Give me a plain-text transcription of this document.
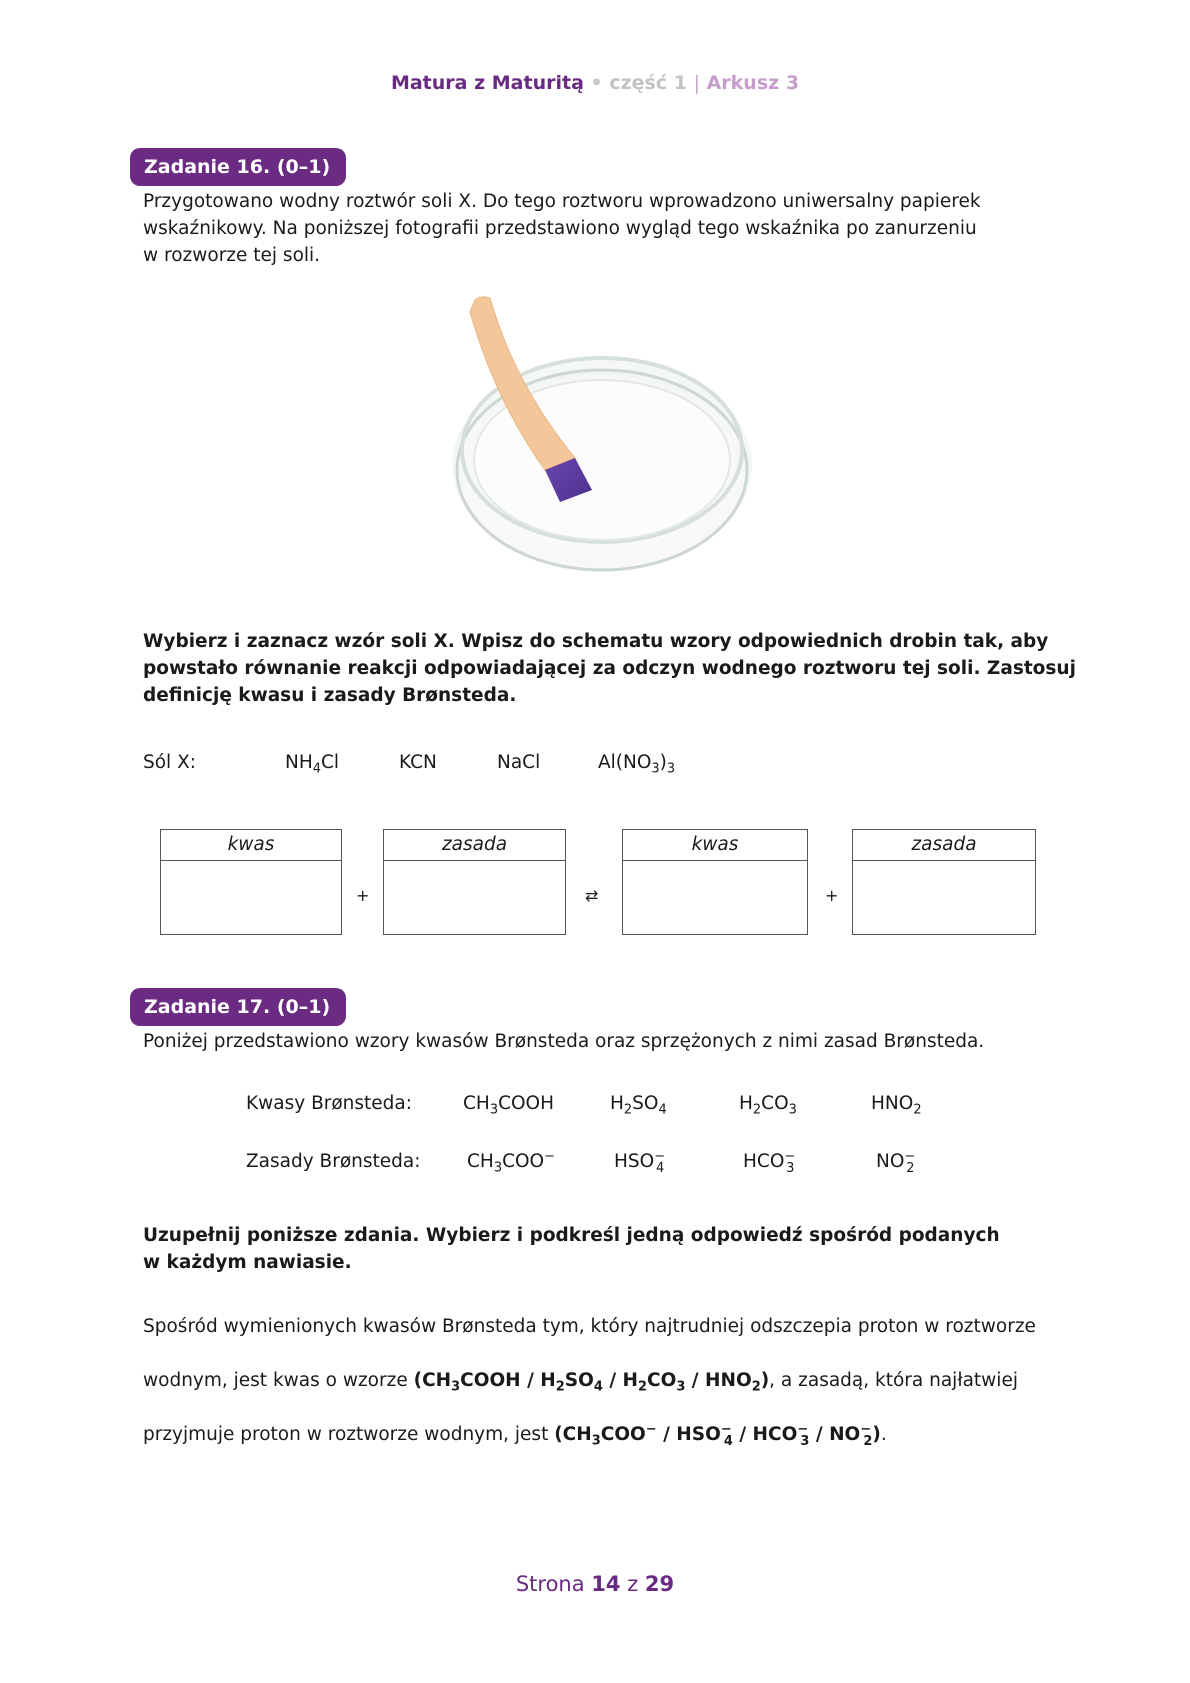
Matura z Maturitą • część 1 | Arkusz 3
Zadanie 16. (0–1)
Przygotowano wodny roztwór soli X. Do tego roztworu wprowadzono uniwersalny papierek
wskaźnikowy. Na poniższej fotografii przedstawiono wygląd tego wskaźnika po zanurzeniu
w rozworze tej soli.
Wybierz i zaznacz wzór soli X. Wpisz do schematu wzory odpowiednich drobin tak, aby
powstało równanie reakcji odpowiadającej za odczyn wodnego roztworu tej soli. Zastosuj
definicję kwasu i zasady Brønsteda.
Sól X:	$NH_4Cl$	KCN	NaCl	$Al(NO_3)_3$
kwas
+
zasada
⇄
kwas
+
zasada
Zadanie 17. (0–1)
Poniżej przedstawiono wzory kwasów Brønsteda oraz sprzężonych z nimi zasad Brønsteda.
Kwasy Brønsteda:	$CH_3COOH$	$H_2SO_4$	$H_2CO_3$	$HNO_2$
Zasady Brønsteda:	$CH_3COO^-$	$HSO^-_4$	$HCO^-_3$	$NO^-_2$
Uzupełnij poniższe zdania. Wybierz i podkreśl jedną odpowiedź spośród podanych
w każdym nawiasie.
Spośród wymienionych kwasów Brønsteda tym, który najtrudniej odszczepia proton w roztworze
wodnym, jest kwas o wzorze $(CH_3COOH / H_2SO_4 / H_2CO_3 / HNO_2)$, a zasadą, która najłatwiej
przyjmuje proton w roztworze wodnym, jest $(CH_3COO^- / HSO^-_4 / HCO^-_3 / NO^-_2)$.
Strona 14 z 29
